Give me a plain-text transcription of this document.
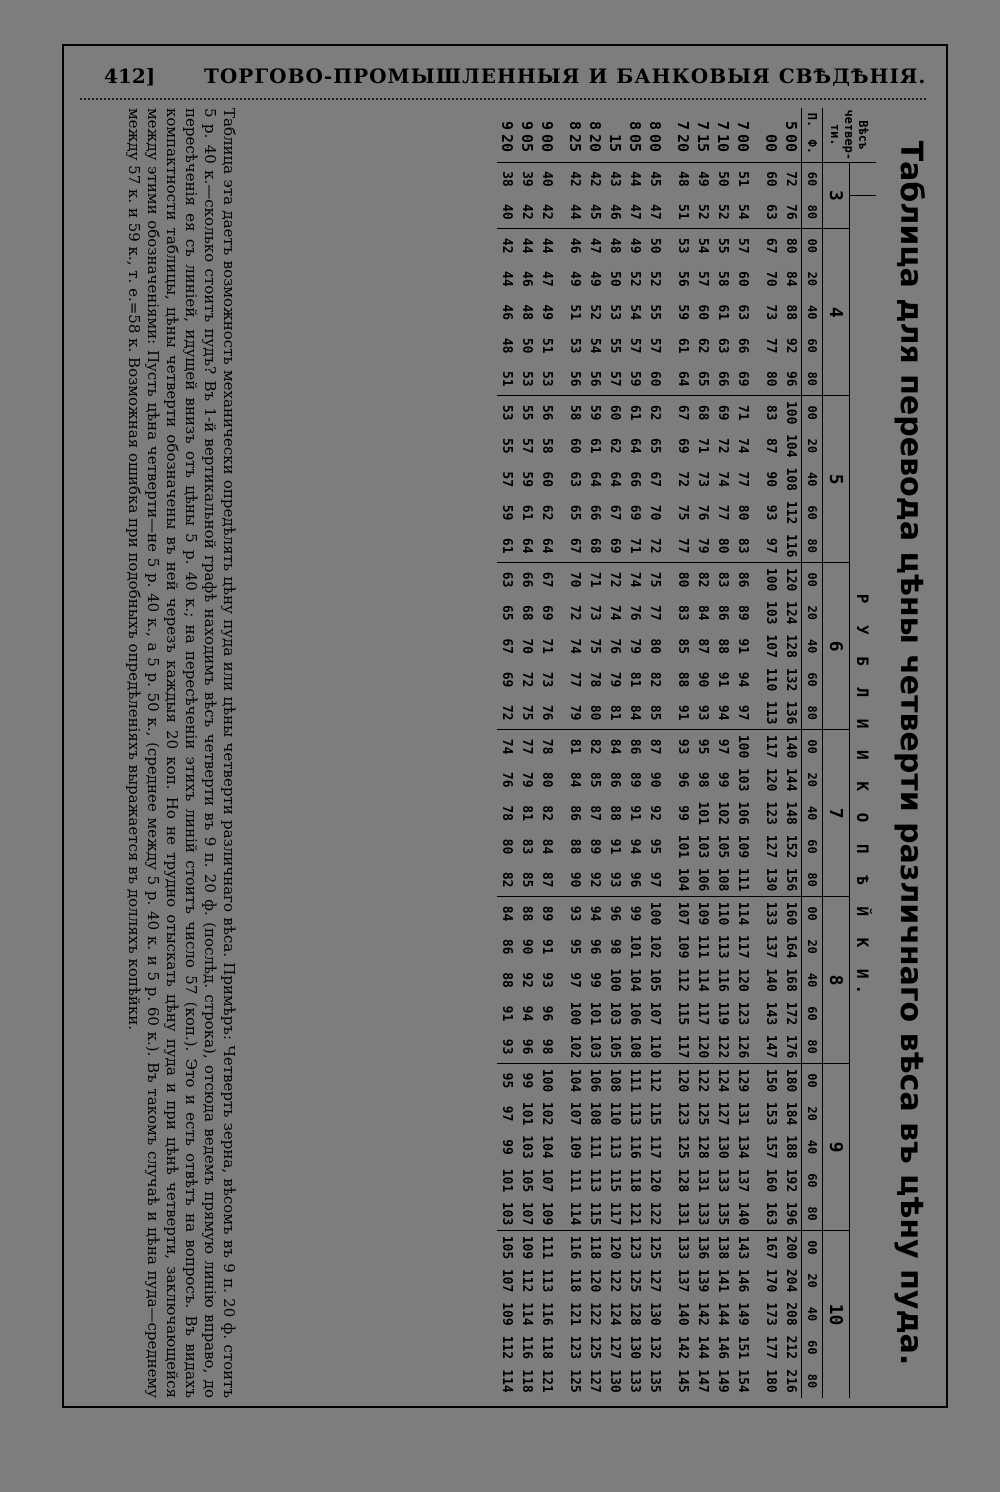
412] ТОРГОВО-ПРОМЫШЛЕННЫЯ И БАНКОВЫЯ СВѢДѢНІЯ.
Таблица для перевода цѣны четверти различнаго вѣса въ цѣну пуда.
Вѣсъ четвер-ти.			Р У Б Л И И К О П Ѣ Й К И.																																			
		3		4					5					6					7					8					9					10				
П.	Ф.	60	80	00	20	40	60	80	00	20	40	60	80	00	20	40	60	80	00	20	40	60	80	00	20	40	60	80	00	20	40	60	80	00	20	40	60	80
5	00	72	76	80	84	88	92	96	100	104	108	112	116	120	124	128	132	136	140	144	148	152	156	160	164	168	172	176	180	184	188	192	196	200	204	208	212	216
	00	60	63	67	70	73	77	80	83	87	90	93	97	100	103	107	110	113	117	120	123	127	130	133	137	140	143	147	150	153	157	160	163	167	170	173	177	180
7	00	51	54	57	60	63	66	69	71	74	77	80	83	86	89	91	94	97	100	103	106	109	111	114	117	120	123	126	129	131	134	137	140	143	146	149	151	154
7	10	50	52	55	58	61	63	66	69	72	74	77	80	83	86	88	91	94	97	99	102	105	108	110	113	116	119	122	124	127	130	133	135	138	141	144	146	149
7	15	49	52	54	57	60	62	65	68	71	73	76	79	82	84	87	90	93	95	98	101	103	106	109	111	114	117	120	122	125	128	131	133	136	139	142	144	147
7	20	48	51	53	56	59	61	64	67	69	72	75	77	80	83	85	88	91	93	96	99	101	104	107	109	112	115	117	120	123	125	128	131	133	137	140	142	145
8	00	45	47	50	52	55	57	60	62	65	67	70	72	75	77	80	82	85	87	90	92	95	97	100	102	105	107	110	112	115	117	120	122	125	127	130	132	135
8	05	44	47	49	52	54	57	59	61	64	66	69	71	74	76	79	81	84	86	89	91	94	96	99	101	104	106	108	111	113	116	118	121	123	125	128	130	133
	15	43	46	48	50	53	55	57	60	62	64	67	69	72	74	76	79	81	84	86	88	91	93	96	98	100	103	105	108	110	113	115	117	120	122	124	127	130
8	20	42	45	47	49	52	54	56	59	61	64	66	68	71	73	75	78	80	82	85	87	89	92	94	96	99	101	103	106	108	111	113	115	118	120	122	125	127
8	25	42	44	46	49	51	53	56	58	60	63	65	67	70	72	74	77	79	81	84	86	88	90	93	95	97	100	102	104	107	109	111	114	116	118	121	123	125
9	00	40	42	44	47	49	51	53	56	58	60	62	64	67	69	71	73	76	78	80	82	84	87	89	91	93	96	98	100	102	104	107	109	111	113	116	118	121
9	05	39	42	44	46	48	50	53	55	57	59	61	64	66	68	70	72	75	77	79	81	83	85	88	90	92	94	96	99	101	103	105	107	109	112	114	116	118
9	20	38	40	42	44	46	48	51	53	55	57	59	61	63	65	67	69	72	74	76	78	80	82	84	86	88	91	93	95	97	99	101	103	105	107	109	112	114
Таблица эта даетъ возможность механически опредѣлять цѣну пуда или цѣны четверти различнаго вѣса. Примѣръ: Четверть зерна, вѣсомъ въ 9 п. 20 ф. стоитъ 5 р. 40 к.—сколько стоитъ пудъ? Въ 1-й вертикальной графѣ находимъ вѣсъ четверти въ 9 п. 20 ф. (послѣд. строка), отсюда ведемъ прямую линію вправо, до пересѣченія ея съ линіей, идущей внизъ отъ цѣны 5 р. 40 к.; на пересѣченіи этихъ линій стоитъ число 57 (коп.). Это и есть отвѣтъ на вопросъ. Въ видахъ компактности таблицы, цѣны четверти обозначены въ ней черезъ каждыя 20 коп. Но не трудно отыскать цѣну пуда и при цѣнѣ четверти, заключающейся между этими обозначеніями: Пусть цѣна четверти—не 5 р. 40 к., а 5 р. 50 к., (среднее между 5 р. 40 к. и 5 р. 60 к.). Въ такомъ случаѣ и цѣна пуда—среднему между 57 к. и 59 к., т. е.=58 к. Возможная ошибка при подобныхъ опредѣленіяхъ выражается въ долляхъ копѣйки.
